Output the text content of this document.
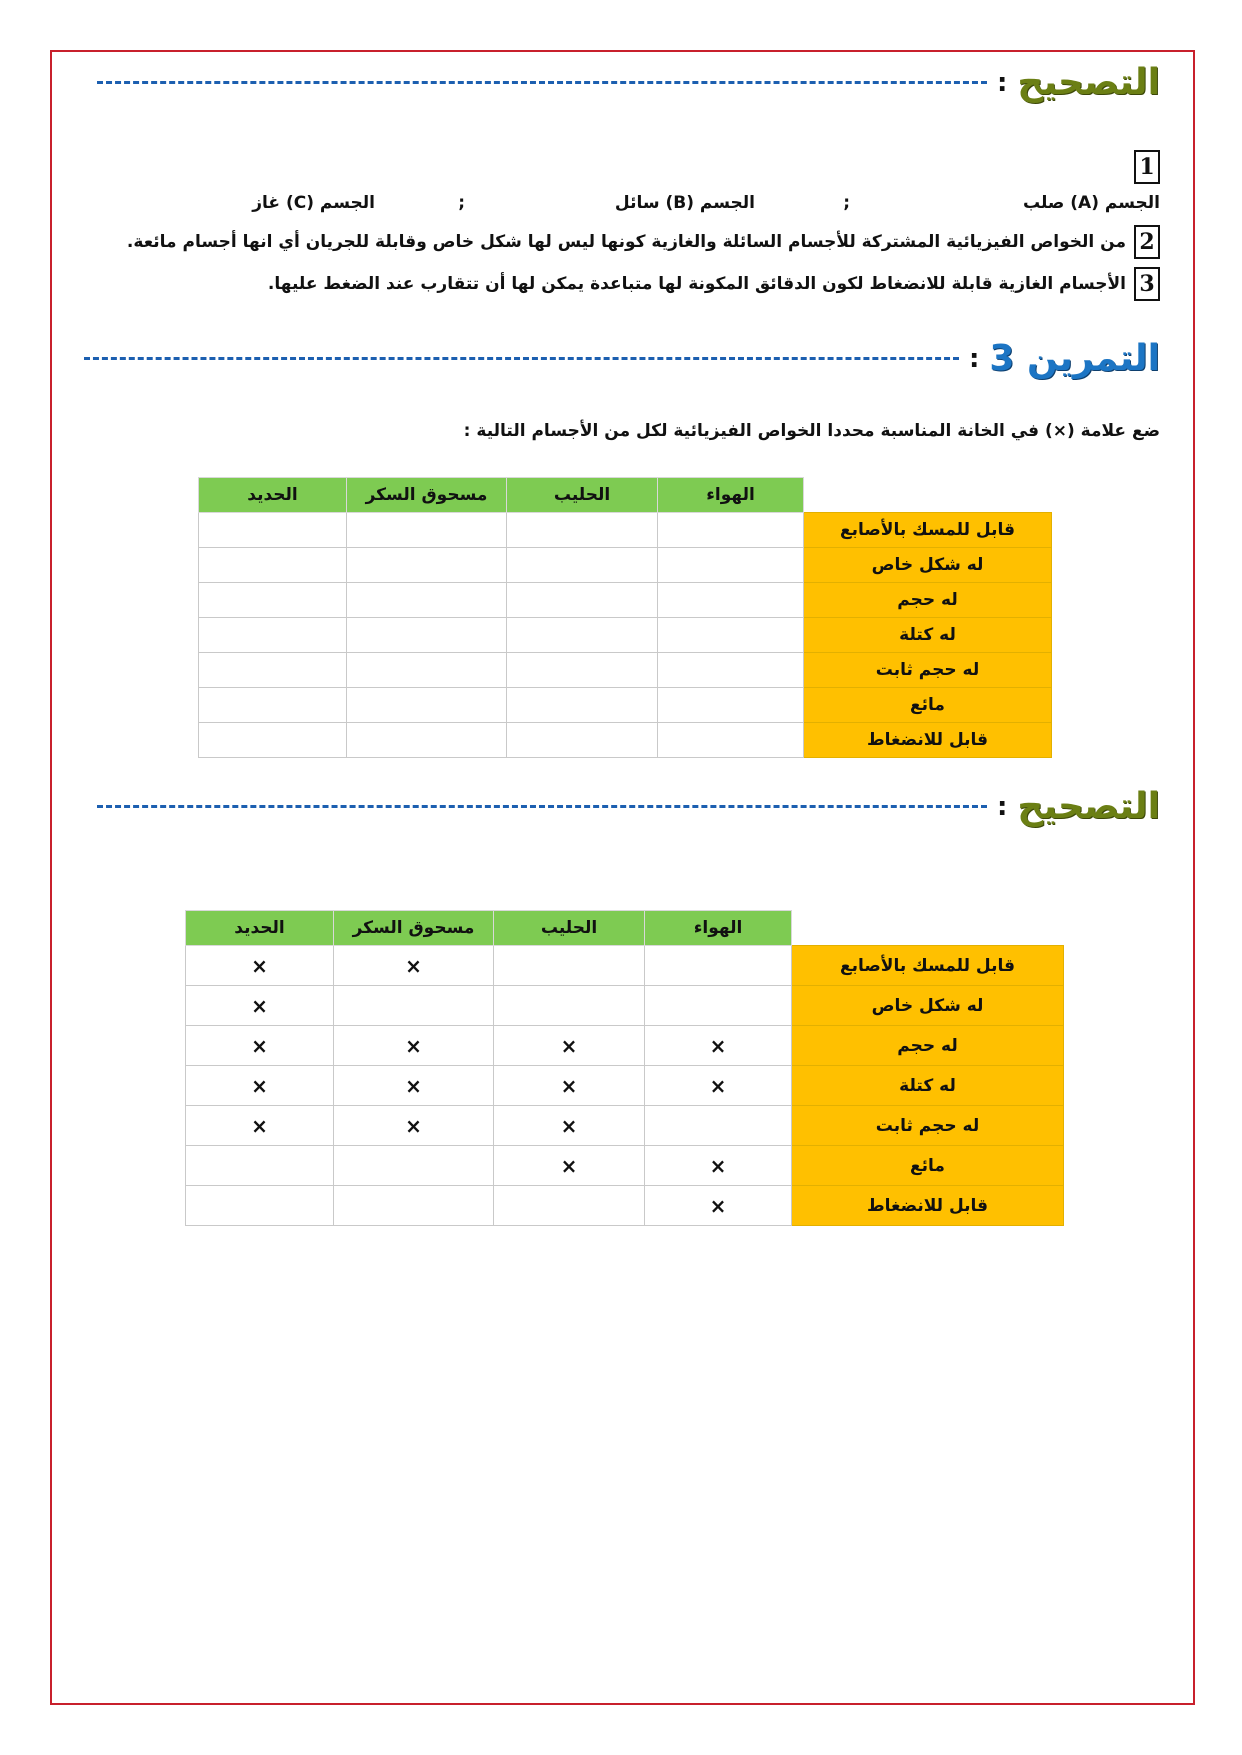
التصحيح
:
1
الجسم (A) صلب
;
الجسم (B) سائل
;
الجسم (C) غاز
2
من الخواص الفيزيائية المشتركة للأجسام السائلة والغازية كونها ليس لها شكل خاص وقابلة للجريان أي انها أجسام مائعة.
3
الأجسام الغازية قابلة للانضغاط لكون الدقائق المكونة لها متباعدة يمكن لها أن تتقارب عند الضغط عليها.
التمرين 3
:
ضع علامة (×) في الخانة المناسبة محددا الخواص الفيزيائية لكل من الأجسام التالية :
الحديد	مسحوق السكر	الحليب	الهواء	
				قابل للمسك بالأصابع
				له شكل خاص
				له حجم
				له كتلة
				له حجم ثابت
				مائع
				قابل للانضغاط
التصحيح
:
الحديد	مسحوق السكر	الحليب	الهواء	
×	×			قابل للمسك بالأصابع
×				له شكل خاص
×	×	×	×	له حجم
×	×	×	×	له كتلة
×	×	×		له حجم ثابت
		×	×	مائع
			×	قابل للانضغاط
